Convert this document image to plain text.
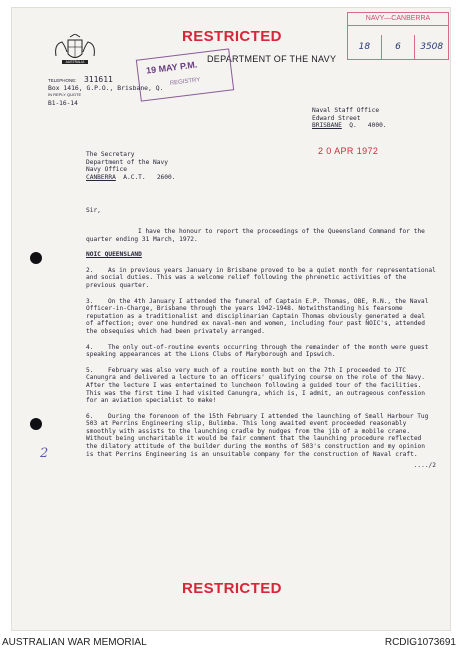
AUSTRALIA
RESTRICTED
DEPARTMENT OF THE NAVY
NAVY—CANBERRA
18	6	3508
19 MAY P.M.
REGISTRY
TELEPHONE: 311611
Box 1416, G.P.O., Brisbane, Q.
IN REPLY QUOTE
B1-16-14
Naval Staff Office
Edward Street
BRISBANE Q. 4000.
2 0 APR 1972
The Secretary
Department of the Navy
Navy Office
CANBERRA A.C.T. 2600.
Sir,

I have the honour to report the proceedings of the Queensland Command for the quarter ending 31 March, 1972.

NOIC QUEENSLAND

2. As in previous years January in Brisbane proved to be a quiet month for representational and social duties. This was a welcome relief following the phrenetic activities of the previous quarter.

3. On the 4th January I attended the funeral of Captain E.P. Thomas, OBE, R.N., the Naval Officer-in-Charge, Brisbane through the years 1942-1948. Notwithstanding his fearsome reputation as a traditionalist and disciplinarian Captain Thomas obviously generated a deal of affection; over one hundred ex naval-men and women, including four past NOIC's, attended the obsequies which had been privately arranged.

4. The only out-of-routine events occurring through the remainder of the month were guest speaking appearances at the Lions Clubs of Maryborough and Ipswich.

5. February was also very much of a routine month but on the 7th I proceeded to JTC Canungra and delivered a lecture to an officers' qualifying course on the role of the Navy. After the lecture I was entertained to luncheon following a guided tour of the facilities. This was the first time I had visited Canungra, which is, I admit, an outrageous confession for an aviation specialist to make!

6. During the forenoon of the 15th February I attended the launching of Small Harbour Tug 503 at Perrins Engineering slip, Bulimba. This long awaited event proceeded reasonably smoothly with assists to the launching cradle by nudges from the jib of a mobile crane. Without being uncharitable it would be fair comment that the launching procedure reflected the dilatory attitude of the builder during the months of 503's construction and my opinion is that Perrins Engineering is an unsuitable company for the construction of Naval craft.

..../2
2
RESTRICTED
AUSTRALIAN WAR MEMORIAL	RCDIG1073691
